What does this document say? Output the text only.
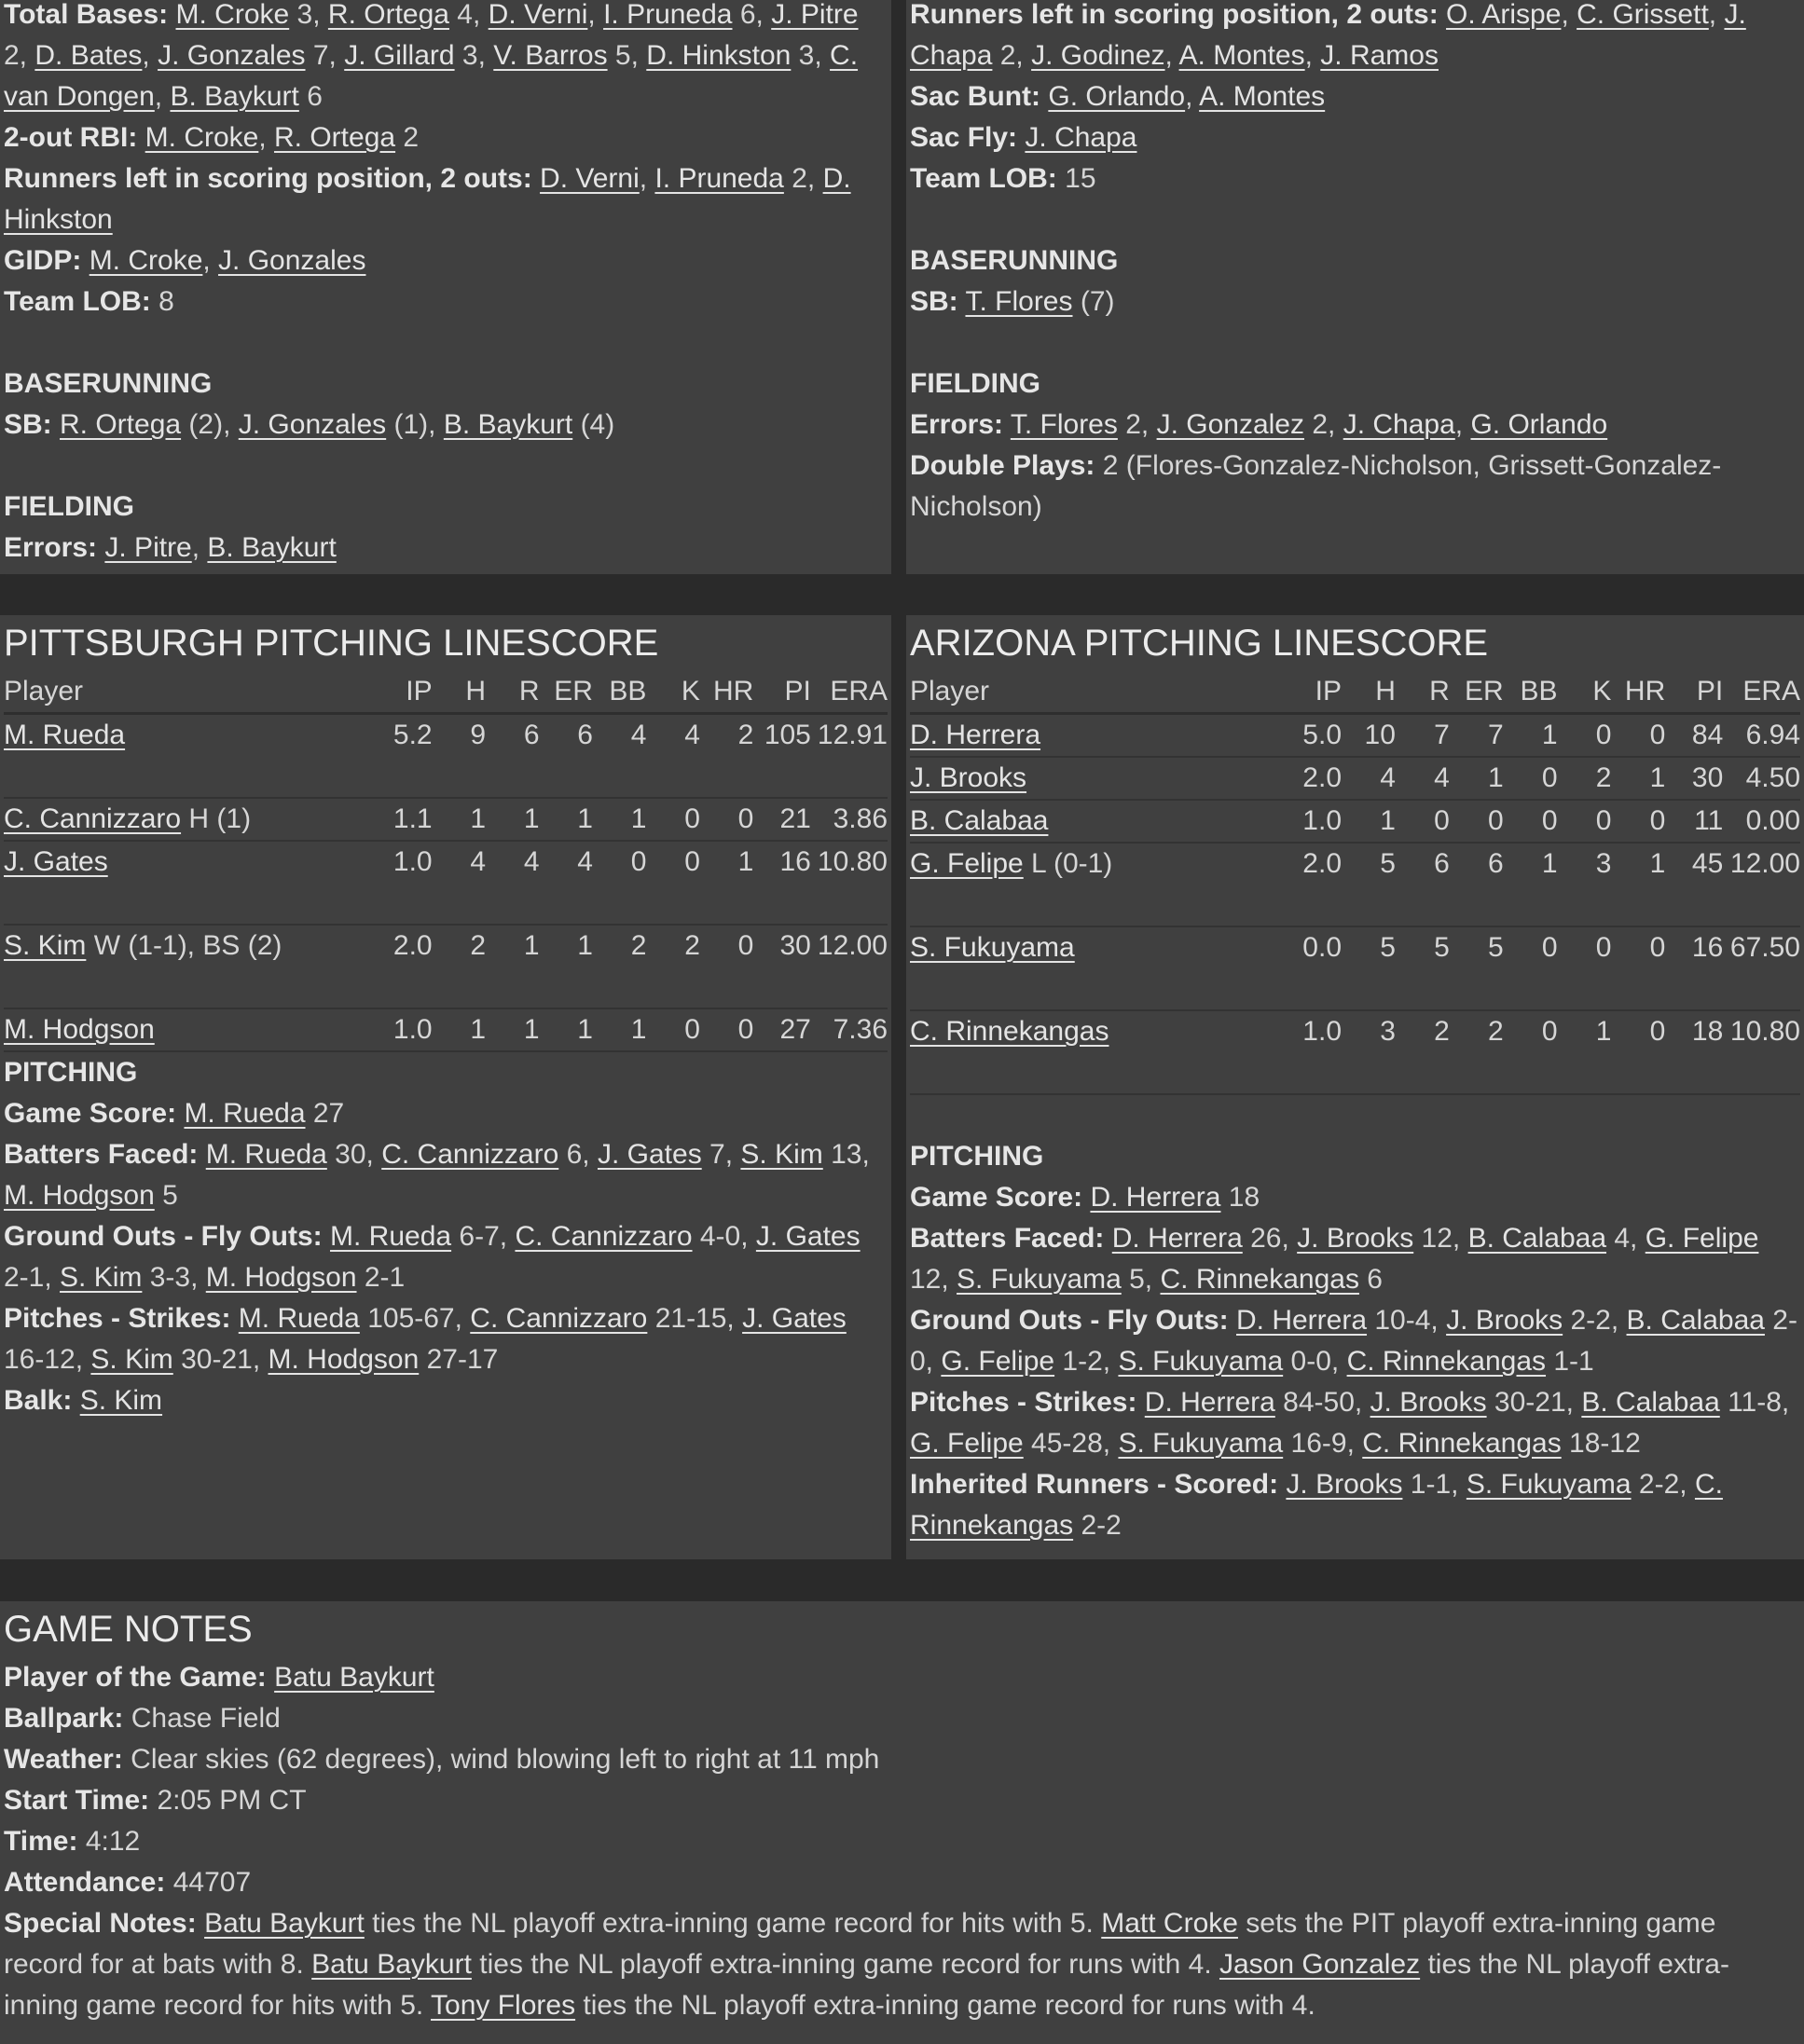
Total Bases: M. Croke 3, R. Ortega 4, D. Verni, I. Pruneda 6, J. Pitre 2, D. Bates, J. Gonzales 7, J. Gillard 3, V. Barros 5, D. Hinkston 3, C. van Dongen, B. Baykurt 6

2-out RBI: M. Croke, R. Ortega 2

Runners left in scoring position, 2 outs: D. Verni, I. Pruneda 2, D. Hinkston

GIDP: M. Croke, J. Gonzales

Team LOB: 8

BASERUNNING

SB: R. Ortega (2), J. Gonzales (1), B. Baykurt (4)

FIELDING

Errors: J. Pitre, B. Baykurt

Runners left in scoring position, 2 outs: O. Arispe, C. Grissett, J. Chapa 2, J. Godinez, A. Montes, J. Ramos

Sac Bunt: G. Orlando, A. Montes

Sac Fly: J. Chapa

Team LOB: 15

BASERUNNING

SB: T. Flores (7)

FIELDING

Errors: T. Flores 2, J. Gonzalez 2, J. Chapa, G. Orlando

Double Plays: 2 (Flores-Gonzalez-Nicholson, Grissett-Gonzalez-Nicholson)

PITTSBURGH PITCHING LINESCORE
Player	IP	H	R	ER	BB	K	HR	PI	ERA
M. Rueda	5.2	9	6	6	4	4	2	105	12.91
C. Cannizzaro H (1)	1.1	1	1	1	1	0	0	21	3.86
J. Gates	1.0	4	4	4	0	0	1	16	10.80
S. Kim W (1-1), BS (2)	2.0	2	1	1	2	2	0	30	12.00
M. Hodgson	1.0	1	1	1	1	0	0	27	7.36

PITCHING

Game Score: M. Rueda 27

Batters Faced: M. Rueda 30, C. Cannizzaro 6, J. Gates 7, S. Kim 13, M. Hodgson 5

Ground Outs - Fly Outs: M. Rueda 6-7, C. Cannizzaro 4-0, J. Gates 2-1, S. Kim 3-3, M. Hodgson 2-1

Pitches - Strikes: M. Rueda 105-67, C. Cannizzaro 21-15, J. Gates 16-12, S. Kim 30-21, M. Hodgson 27-17

Balk: S. Kim

ARIZONA PITCHING LINESCORE
Player	IP	H	R	ER	BB	K	HR	PI	ERA
D. Herrera	5.0	10	7	7	1	0	0	84	6.94
J. Brooks	2.0	4	4	1	0	2	1	30	4.50
B. Calabaa	1.0	1	0	0	0	0	0	11	0.00
G. Felipe L (0-1)	2.0	5	6	6	1	3	1	45	12.00
S. Fukuyama	0.0	5	5	5	0	0	0	16	67.50
C. Rinnekangas	1.0	3	2	2	0	1	0	18	10.80

PITCHING

Game Score: D. Herrera 18

Batters Faced: D. Herrera 26, J. Brooks 12, B. Calabaa 4, G. Felipe 12, S. Fukuyama 5, C. Rinnekangas 6

Ground Outs - Fly Outs: D. Herrera 10-4, J. Brooks 2-2, B. Calabaa 2-0, G. Felipe 1-2, S. Fukuyama 0-0, C. Rinnekangas 1-1

Pitches - Strikes: D. Herrera 84-50, J. Brooks 30-21, B. Calabaa 11-8, G. Felipe 45-28, S. Fukuyama 16-9, C. Rinnekangas 18-12

Inherited Runners - Scored: J. Brooks 1-1, S. Fukuyama 2-2, C. Rinnekangas 2-2

GAME NOTES

Player of the Game: Batu Baykurt

Ballpark: Chase Field

Weather: Clear skies (62 degrees), wind blowing left to right at 11 mph

Start Time: 2:05 PM CT

Time: 4:12

Attendance: 44707

Special Notes: Batu Baykurt ties the NL playoff extra-inning game record for hits with 5. Matt Croke sets the PIT playoff extra-inning game record for at bats with 8. Batu Baykurt ties the NL playoff extra-inning game record for runs with 4. Jason Gonzalez ties the NL playoff extra-inning game record for hits with 5. Tony Flores ties the NL playoff extra-inning game record for runs with 4.
